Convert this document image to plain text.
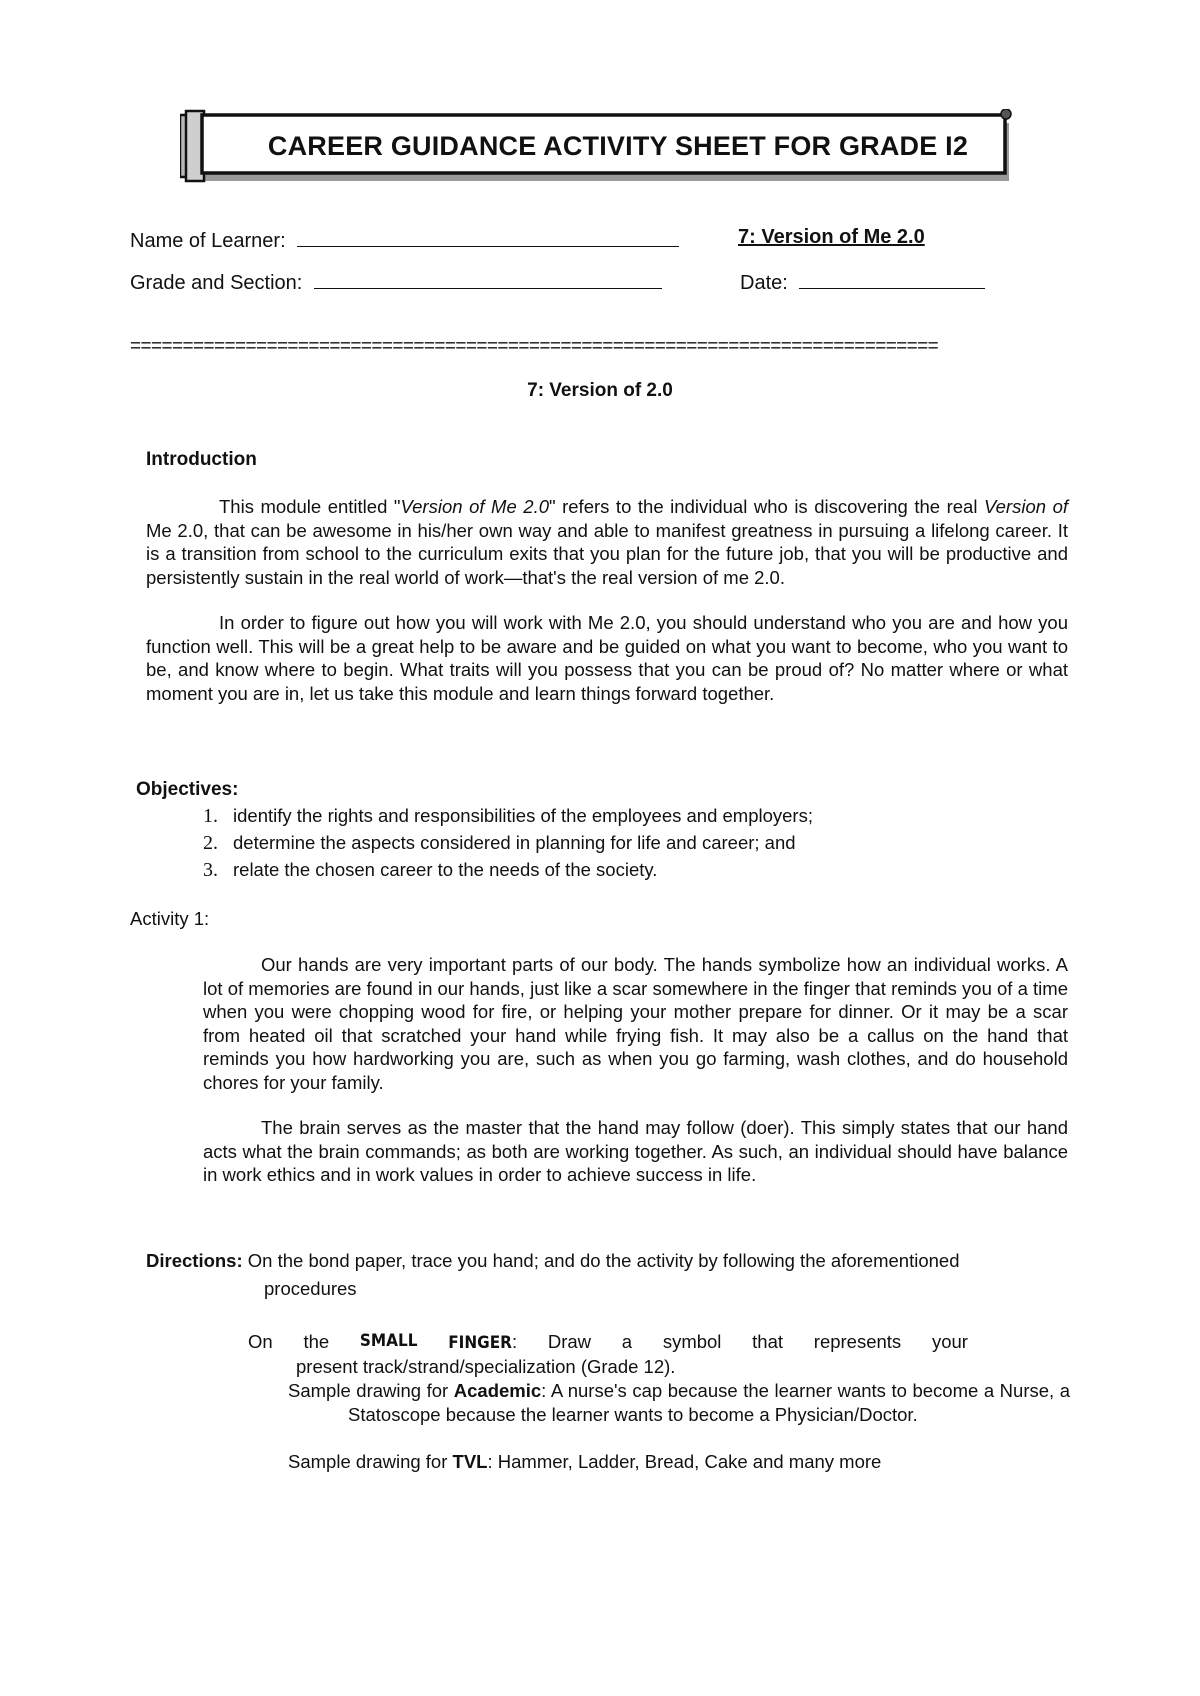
CAREER GUIDANCE ACTIVITY SHEET FOR GRADE I2
Name of Learner:	7: Version of Me 2.0
Grade and Section:	Date:
=============================================================================
7: Version of 2.0
Introduction

This module entitled "Version of Me 2.0" refers to the individual who is discovering the real Version of Me 2.0, that can be awesome in his/her own way and able to manifest greatness in pursuing a lifelong career. It is a transition from school to the curriculum exits that you plan for the future job, that you will be productive and persistently sustain in the real world of work—that's the real version of me 2.0.

In order to figure out how you will work with Me 2.0, you should understand who you are and how you function well. This will be a great help to be aware and be guided on what you want to become, who you want to be, and know where to begin. What traits will you possess that you can be proud of? No matter where or what moment you are in, let us take this module and learn things forward together.

Objectives:
1. identify the rights and responsibilities of the employees and employers;
2. determine the aspects considered in planning for life and career; and
3. relate the chosen career to the needs of the society.
Activity 1:

Our hands are very important parts of our body. The hands symbolize how an individual works. A lot of memories are found in our hands, just like a scar somewhere in the finger that reminds you of a time when you were chopping wood for fire, or helping your mother prepare for dinner. Or it may be a scar from heated oil that scratched your hand while frying fish. It may also be a callus on the hand that reminds you how hardworking you are, such as when you go farming, wash clothes, and do household chores for your family.

The brain serves as the master that the hand may follow (doer). This simply states that our hand acts what the brain commands; as both are working together. As such, an individual should have balance in work ethics and in work values in order to achieve success in life.

Directions: On the bond paper, trace you hand; and do the activity by following the aforementioned
procedures
On the SMALL FINGER: Draw a symbol that represents your
present track/strand/specialization (Grade 12).

Sample drawing for Academic: A nurse's cap because the learner wants to become a Nurse, a Statoscope because the learner wants to become a Physician/Doctor.

Sample drawing for TVL: Hammer, Ladder, Bread, Cake and many more
